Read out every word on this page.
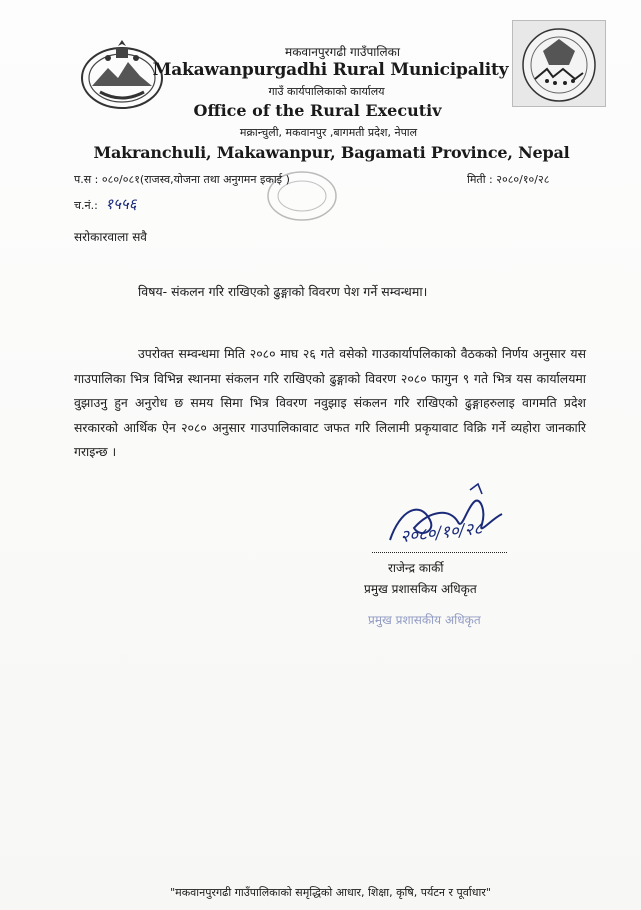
मकवानपुरगढी गाउँपालिका
Makawanpurgadhi Rural Municipality
गाउँ कार्यपालिकाको कार्यालय
Office of the Rural Executiv
मक्रान्चुली, मकवानपुर ,बागमती प्रदेश, नेपाल
Makranchuli, Makawanpur, Bagamati Province, Nepal
प.स : ०८०/०८१(राजस्व,योजना तथा अनुगमन इकाई )	मिती : २०८०/१०/२८
च.नं.: १५५६
सरोकारवाला सवै
विषय- संकलन गरि राखिएको ढुङ्गाको विवरण पेश गर्ने सम्वन्धमा।
उपरोक्त सम्वन्धमा मिति २०८० माघ २६ गते वसेको गाउकार्यापलिकाको वैठकको निर्णय अनुसार यस गाउपालिका भित्र विभिन्न स्थानमा संकलन गरि राखिएको ढुङ्गाको विवरण २०८० फागुन ९ गते भित्र यस कार्यालयमा वुझाउनु हुन अनुरोध छ समय सिमा भित्र विवरण नवुझाइ संकलन गरि राखिएको ढुङ्गाहरुलाइ वागमति प्रदेश सरकारको आर्थिक ऐन २०८० अनुसार गाउपालिकावाट जफत गरि लिलामी प्रकृयावाट विक्रि गर्ने व्यहोरा जानकारि गराइन्छ ।
२०८०/१०/२८
राजेन्द्र कार्की
प्रमुख प्रशासकिय अधिकृत
प्रमुख प्रशासकीय अधिकृत
"मकवानपुरगढी गाउँपालिकाको समृद्धिको आधार, शिक्षा, कृषि, पर्यटन र पूर्वाधार"
